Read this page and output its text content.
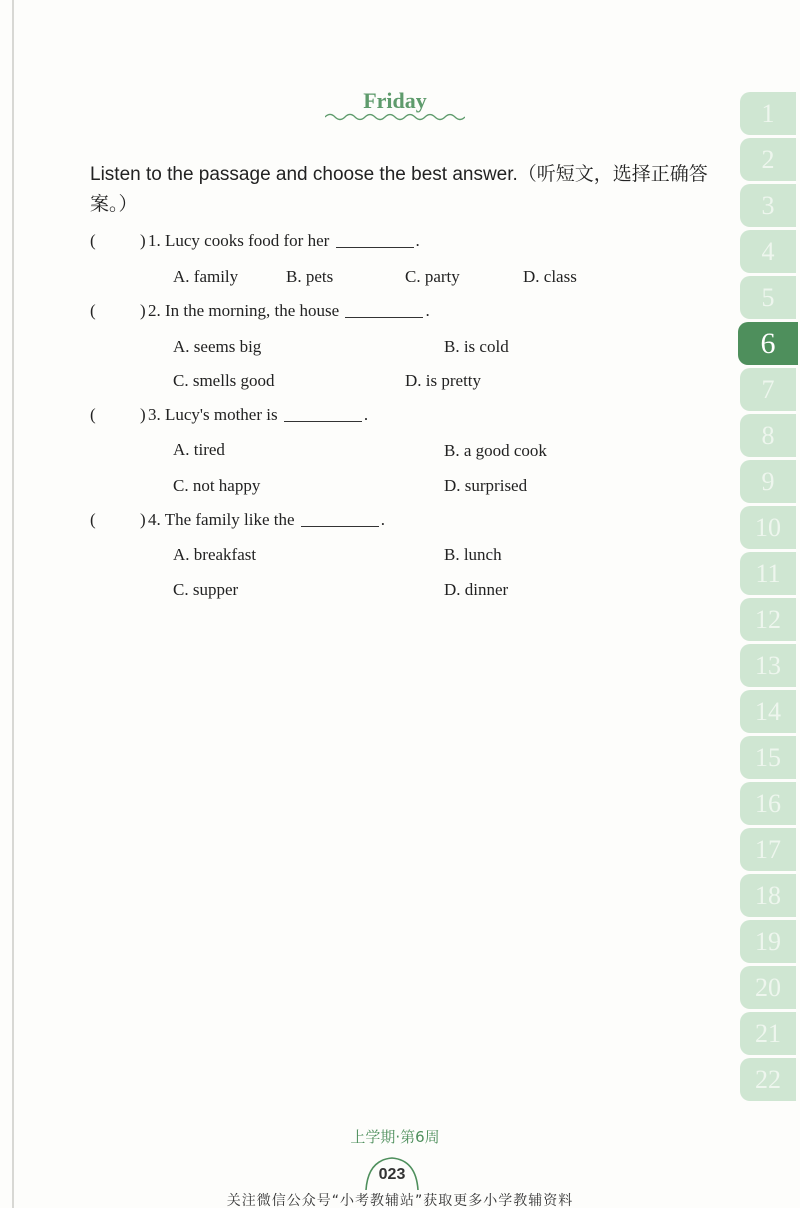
Friday
Listen to the passage and choose the best answer.（听短文，选择正确答案。）
(	) 1. Lucy cooks food for her	.
A. family	B. pets	C. party	D. class
(	) 2. In the morning, the house	.
A. seems big	B. is cold
C. smells good	D. is pretty
(	) 3. Lucy's mother is	.
A. tired	B. a good cook
C. not happy	D. surprised
(	) 4. The family like the	.
A. breakfast	B. lunch
C. supper	D. dinner
1
2
3
4
5
6
7
8
9
10
11
12
13
14
15
16
17
18
19
20
21
22
上学期·第6周
023
关注微信公众号“小考教辅站”获取更多小学教辅资料
